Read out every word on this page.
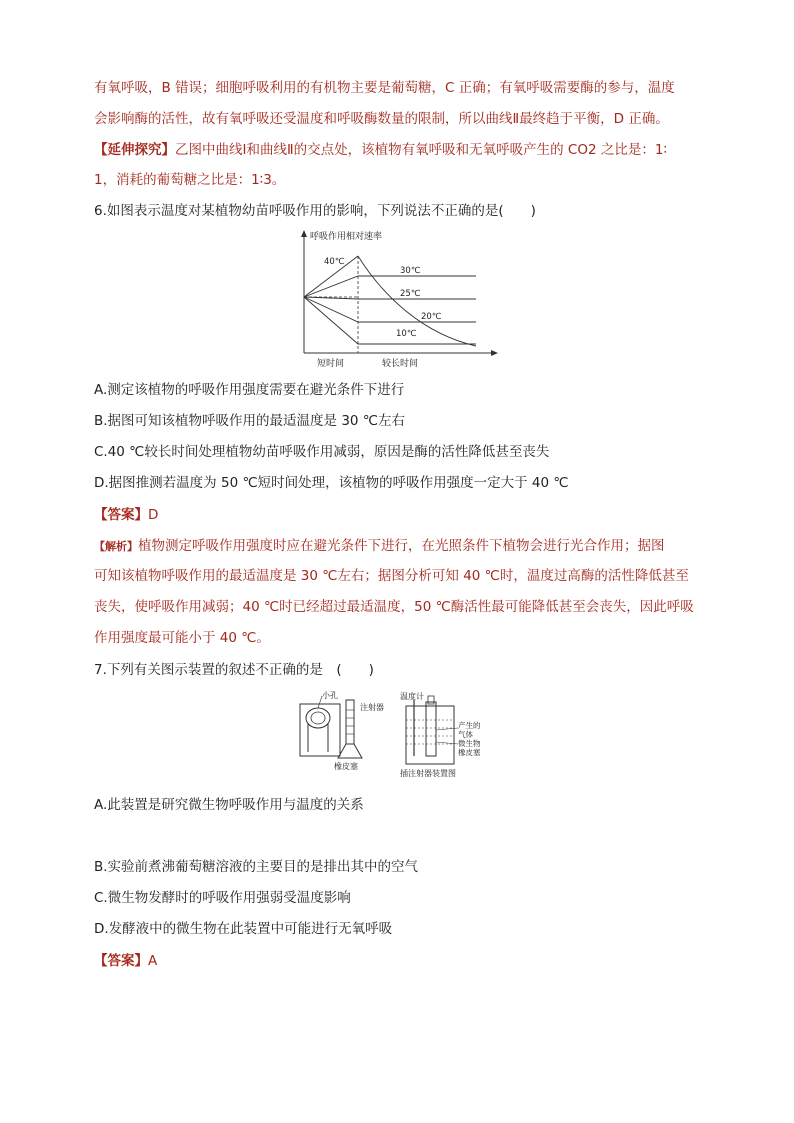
有氧呼吸，B 错误；细胞呼吸利用的有机物主要是葡萄糖，C 正确；有氧呼吸需要酶的参与，温度
会影响酶的活性，故有氧呼吸还受温度和呼吸酶数量的限制，所以曲线Ⅱ最终趋于平衡，D 正确。
【延伸探究】乙图中曲线Ⅰ和曲线Ⅱ的交点处，该植物有氧呼吸和无氧呼吸产生的 CO2 之比是：1∶
1，消耗的葡萄糖之比是：1∶3。
6.如图表示温度对某植物幼苗呼吸作用的影响，下列说法不正确的是(　　)
呼吸作用相对速率
40℃
30℃
25℃
20℃
10℃
短时间	较长时间
A.测定该植物的呼吸作用强度需要在避光条件下进行
B.据图可知该植物呼吸作用的最适温度是 30 ℃左右
C.40 ℃较长时间处理植物幼苗呼吸作用减弱，原因是酶的活性降低甚至丧失
D.据图推测若温度为 50 ℃短时间处理，该植物的呼吸作用强度一定大于 40 ℃
【答案】D
【解析】植物测定呼吸作用强度时应在避光条件下进行，在光照条件下植物会进行光合作用；据图
可知该植物呼吸作用的最适温度是 30 ℃左右；据图分析可知 40 ℃时，温度过高酶的活性降低甚至
丧失，使呼吸作用减弱；40 ℃时已经超过最适温度，50 ℃酶活性最可能降低甚至会丧失，因此呼吸
作用强度最可能小于 40 ℃。
7.下列有关图示装置的叙述不正确的是　(　　)
小孔
注射器
橡皮塞
温度计
产生的
气体
微生物
橡皮塞
插注射器装置图
A.此装置是研究微生物呼吸作用与温度的关系
B.实验前煮沸葡萄糖溶液的主要目的是排出其中的空气
C.微生物发酵时的呼吸作用强弱受温度影响
D.发酵液中的微生物在此装置中可能进行无氧呼吸
【答案】A
